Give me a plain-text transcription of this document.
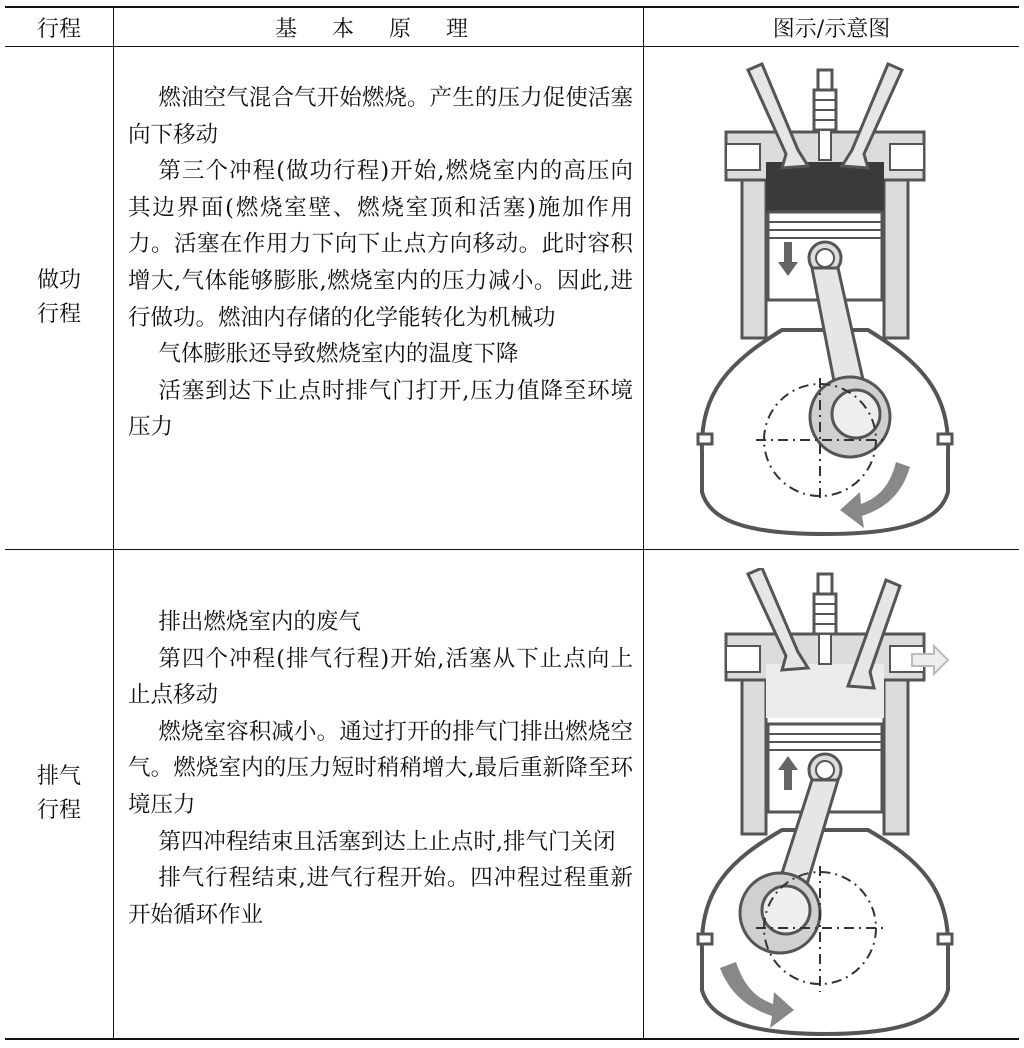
行程	基 本 原 理	图示/示意图
做功
行程

燃油空气混合气开始燃烧。产生的压力促使活塞向下移动

第三个冲程(做功行程)开始,燃烧室内的高压向其边界面(燃烧室壁、燃烧室顶和活塞)施加作用力。活塞在作用力下向下止点方向移动。此时容积增大,气体能够膨胀,燃烧室内的压力减小。因此,进行做功。燃油内存储的化学能转化为机械功

气体膨胀还导致燃烧室内的温度下降

活塞到达下止点时排气门打开,压力值降至环境压力

排气
行程

排出燃烧室内的废气

第四个冲程(排气行程)开始,活塞从下止点向上止点移动

燃烧室容积减小。通过打开的排气门排出燃烧空气。燃烧室内的压力短时稍稍增大,最后重新降至环境压力

第四冲程结束且活塞到达上止点时,排气门关闭

排气行程结束,进气行程开始。四冲程过程重新开始循环作业
